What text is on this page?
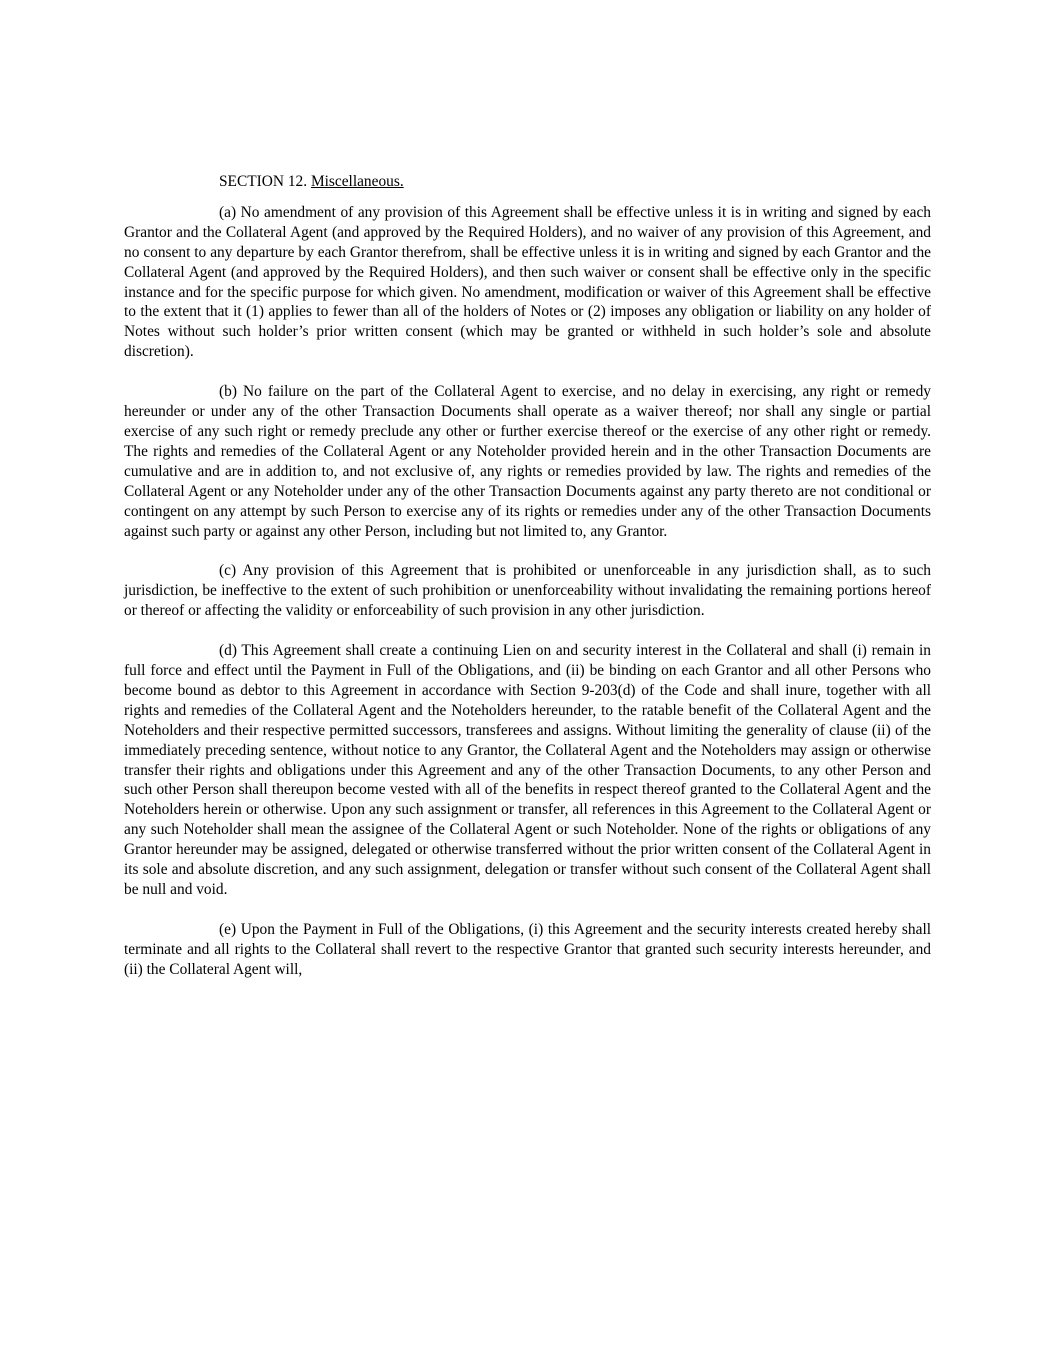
SECTION 12. Miscellaneous.

(a) No amendment of any provision of this Agreement shall be effective unless it is in writing and signed by each Grantor and the Collateral Agent (and approved by the Required Holders), and no waiver of any provision of this Agreement, and no consent to any departure by each Grantor therefrom, shall be effective unless it is in writing and signed by each Grantor and the Collateral Agent (and approved by the Required Holders), and then such waiver or consent shall be effective only in the specific instance and for the specific purpose for which given. No amendment, modification or waiver of this Agreement shall be effective to the extent that it (1) applies to fewer than all of the holders of Notes or (2) imposes any obligation or liability on any holder of Notes without such holder’s prior written consent (which may be granted or withheld in such holder’s sole and absolute discretion).

(b) No failure on the part of the Collateral Agent to exercise, and no delay in exercising, any right or remedy hereunder or under any of the other Transaction Documents shall operate as a waiver thereof; nor shall any single or partial exercise of any such right or remedy preclude any other or further exercise thereof or the exercise of any other right or remedy. The rights and remedies of the Collateral Agent or any Noteholder provided herein and in the other Transaction Documents are cumulative and are in addition to, and not exclusive of, any rights or remedies provided by law. The rights and remedies of the Collateral Agent or any Noteholder under any of the other Transaction Documents against any party thereto are not conditional or contingent on any attempt by such Person to exercise any of its rights or remedies under any of the other Transaction Documents against such party or against any other Person, including but not limited to, any Grantor.

(c) Any provision of this Agreement that is prohibited or unenforceable in any jurisdiction shall, as to such jurisdiction, be ineffective to the extent of such prohibition or unenforceability without invalidating the remaining portions hereof or thereof or affecting the validity or enforceability of such provision in any other jurisdiction.

(d) This Agreement shall create a continuing Lien on and security interest in the Collateral and shall (i) remain in full force and effect until the Payment in Full of the Obligations, and (ii) be binding on each Grantor and all other Persons who become bound as debtor to this Agreement in accordance with Section 9-203(d) of the Code and shall inure, together with all rights and remedies of the Collateral Agent and the Noteholders hereunder, to the ratable benefit of the Collateral Agent and the Noteholders and their respective permitted successors, transferees and assigns. Without limiting the generality of clause (ii) of the immediately preceding sentence, without notice to any Grantor, the Collateral Agent and the Noteholders may assign or otherwise transfer their rights and obligations under this Agreement and any of the other Transaction Documents, to any other Person and such other Person shall thereupon become vested with all of the benefits in respect thereof granted to the Collateral Agent and the Noteholders herein or otherwise. Upon any such assignment or transfer, all references in this Agreement to the Collateral Agent or any such Noteholder shall mean the assignee of the Collateral Agent or such Noteholder. None of the rights or obligations of any Grantor hereunder may be assigned, delegated or otherwise transferred without the prior written consent of the Collateral Agent in its sole and absolute discretion, and any such assignment, delegation or transfer without such consent of the Collateral Agent shall be null and void.

(e) Upon the Payment in Full of the Obligations, (i) this Agreement and the security interests created hereby shall terminate and all rights to the Collateral shall revert to the respective Grantor that granted such security interests hereunder, and (ii) the Collateral Agent will,
